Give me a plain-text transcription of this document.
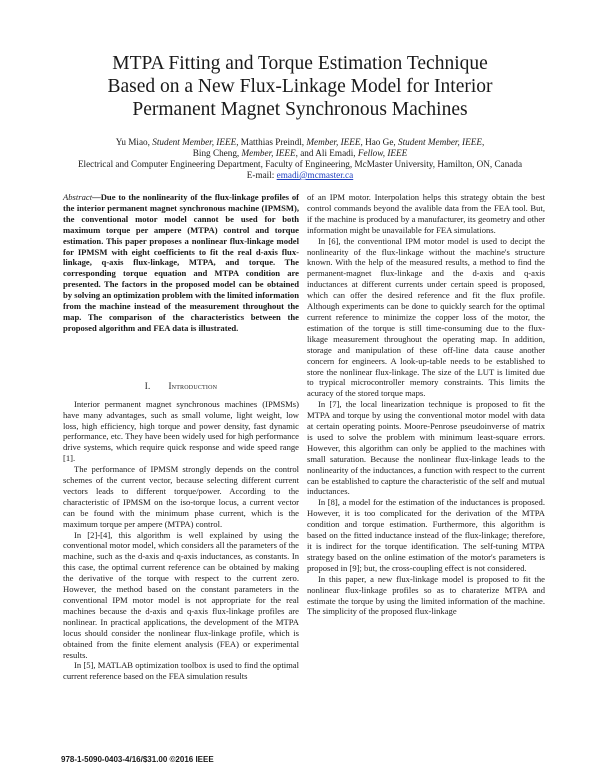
MTPA Fitting and Torque Estimation Technique
Based on a New Flux-Linkage Model for Interior
Permanent Magnet Synchronous Machines
Yu Miao, Student Member, IEEE, Matthias Preindl, Member, IEEE, Hao Ge, Student Member, IEEE,
Bing Cheng, Member, IEEE, and Ali Emadi, Fellow, IEEE
Electrical and Computer Engineering Department, Faculty of Engineering, McMaster University, Hamilton, ON, Canada
E-mail: emadi@mcmaster.ca

Abstract—Due to the nonlinearity of the flux-linkage profiles of the interior permanent magnet synchronous machine (IPMSM), the conventional motor model cannot be used for both maximum torque per ampere (MTPA) control and torque estimation. This paper proposes a nonlinear flux-linkage model for IPMSM with eight coefficients to fit the real d-axis flux-linkage, q-axis flux-linkage, MTPA, and torque. The corresponding torque equation and MTPA condition are presented. The factors in the proposed model can be obtained by solving an optimization problem with the limited information from the machine instead of the measurement throughout the map. The comparison of the characteristics between the proposed algorithm and FEA data is illustrated.

I. Introduction

Interior permanent magnet synchronous machines (IPMSMs) have many advantages, such as small volume, light weight, low loss, high efficiency, high torque and power density, fast dynamic performance, etc. They have been widely used for high performance drive systems, which require quick response and wide speed range [1].

The performance of IPMSM strongly depends on the control schemes of the current vector, because selecting different current vectors leads to different torque/power. According to the characteristic of IPMSM on the iso-torque locus, a current vector can be found with the minimum phase current, which is the maximum torque per ampere (MTPA) control.

In [2]-[4], this algorithm is well explained by using the conventional motor model, which considers all the parameters of the machine, such as the d-axis and q-axis inductances, as constants. In this case, the optimal current reference can be obtained by making the derivative of the torque with respect to the current zero. However, the method based on the constant parameters in the conventional IPM motor model is not appropriate for the real machines because the d-axis and q-axis flux-linkage profiles are nonlinear. In practical applications, the development of the MTPA locus should consider the nonlinear flux-linkage profile, which is obtained from the finite element analysis (FEA) or experimental results.

In [5], MATLAB optimization toolbox is used to find the optimal current reference based on the FEA simulation results

of an IPM motor. Interpolation helps this strategy obtain the best control commands beyond the avalible data from the FEA tool. But, if the machine is produced by a manufacturer, its geometry and other information might be unavailable for FEA simulations.

In [6], the conventional IPM motor model is used to decipt the nonlinearity of the flux-linkage without the machine's structure known. With the help of the measured results, a method to find the permanent-magnet flux-linkage and the d-axis and q-axis inductances at different currents under certain speed is proposed, which can offer the desired reference and fit the flux profile. Although experiments can be done to quickly search for the optimal current reference to minimize the copper loss of the motor, the estimation of the torque is still time-consuming due to the flux-likage measurement throughout the operating map. In addition, storage and manipulation of these off-line data cause another concern for engineers. A look-up-table needs to be established to store the nonlinear flux-linkage. The size of the LUT is limited due to trypical microcontroller memory constraints. This limits the acuracy of the stored torque maps.

In [7], the local linearization technique is proposed to fit the MTPA and torque by using the conventional motor model with data at certain operating points. Moore-Penrose pseudoinverse of matrix is used to solve the problem with minimum least-square errors. However, this algorithm can only be applied to the machines with small saturation. Because the nonlinear flux-linkage leads to the nonlinearity of the inductances, a function with respect to the current can be established to capture the characteristic of the self and mutual inductances.

In [8], a model for the estimation of the inductances is proposed. However, it is too complicated for the derivation of the MTPA condition and torque estimation. Furthermore, this algorithm is based on the fitted inductance instead of the flux-linkage; therefore, it is indirect for the torque identification. The self-tuning MTPA strategy based on the online estimation of the motor's parameters is proposed in [9]; but, the cross-coupling effect is not considered.

In this paper, a new flux-linkage model is proposed to fit the nonlinear flux-linkage profiles so as to charaterize MTPA and estimate the torque by using the limited information of the machine. The simplicity of the proposed flux-linkage

978-1-5090-0403-4/16/$31.00 ©2016 IEEE
